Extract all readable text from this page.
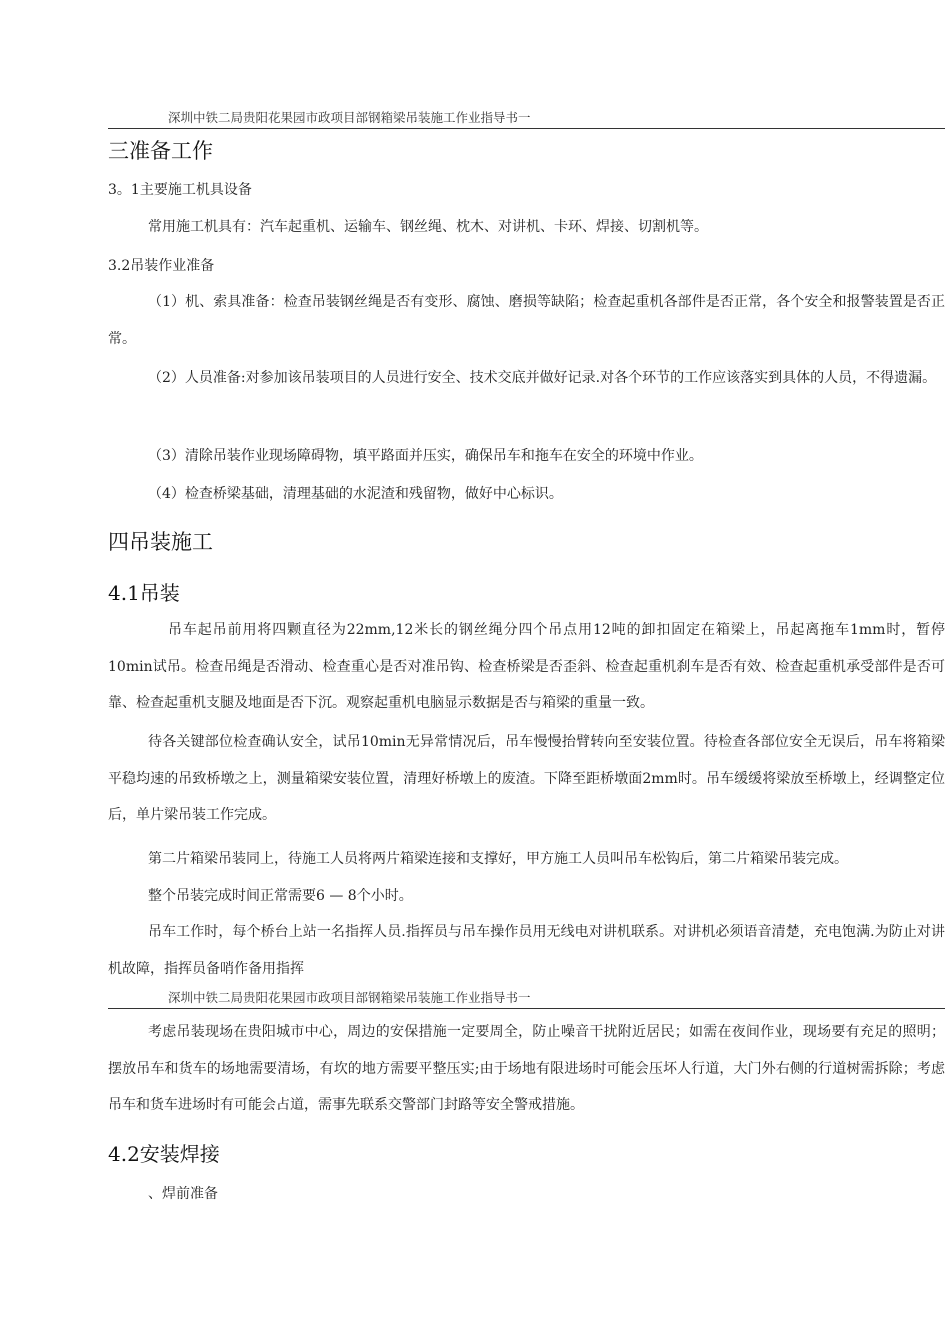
深圳中铁二局贵阳花果园市政项目部钢箱梁吊装施工作业指导书一
三准备工作
3。1主要施工机具设备

常用施工机具有：汽车起重机、运输车、钢丝绳、枕木、对讲机、卡环、焊接、切割机等。

3.2吊装作业准备

（1）机、索具准备：检查吊装钢丝绳是否有变形、腐蚀、磨损等缺陷；检查起重机各部件是否正常，各个安全和报警装置是否正常。

（2）人员准备:对参加该吊装项目的人员进行安全、技术交底并做好记录.对各个环节的工作应该落实到具体的人员，不得遗漏。

（3）清除吊装作业现场障碍物，填平路面并压实，确保吊车和拖车在安全的环境中作业。

（4）检查桥梁基础，清理基础的水泥渣和残留物，做好中心标识。

四吊装施工
4.1吊装

吊车起吊前用将四颗直径为22mm,12米长的钢丝绳分四个吊点用12吨的卸扣固定在箱梁上，吊起离拖车1mm时，暂停10min试吊。检查吊绳是否滑动、检查重心是否对准吊钩、检查桥梁是否歪斜、检查起重机刹车是否有效、检查起重机承受部件是否可靠、检查起重机支腿及地面是否下沉。观察起重机电脑显示数据是否与箱梁的重量一致。

待各关键部位检查确认安全，试吊10min无异常情况后，吊车慢慢抬臂转向至安装位置。待检查各部位安全无误后，吊车将箱梁平稳均速的吊致桥墩之上，测量箱梁安装位置，清理好桥墩上的废渣。下降至距桥墩面2mm时。吊车缓缓将梁放至桥墩上，经调整定位后，单片梁吊装工作完成。

第二片箱梁吊装同上，待施工人员将两片箱梁连接和支撑好，甲方施工人员叫吊车松钩后，第二片箱梁吊装完成。

整个吊装完成时间正常需要6 — 8个小时。

吊车工作时，每个桥台上站一名指挥人员.指挥员与吊车操作员用无线电对讲机联系。对讲机必须语音清楚，充电饱满.为防止对讲机故障，指挥员备哨作备用指挥

深圳中铁二局贵阳花果园市政项目部钢箱梁吊装施工作业指导书一

考虑吊装现场在贵阳城市中心，周边的安保措施一定要周全，防止噪音干扰附近居民；如需在夜间作业，现场要有充足的照明；摆放吊车和货车的场地需要清场，有坎的地方需要平整压实;由于场地有限进场时可能会压坏人行道，大门外右侧的行道树需拆除；考虑吊车和货车进场时有可能会占道，需事先联系交警部门封路等安全警戒措施。

4.2安装焊接
、焊前准备
